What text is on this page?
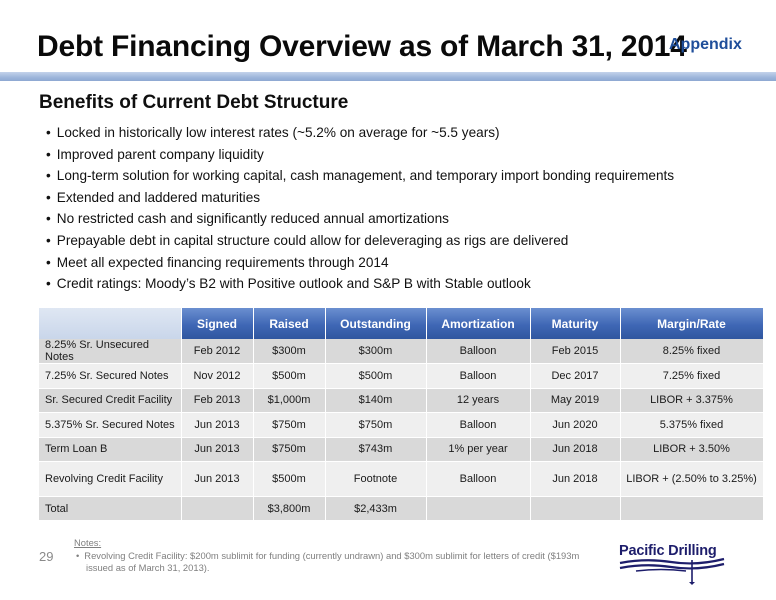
Debt Financing Overview as of March 31, 2014
Appendix
Benefits of Current Debt Structure
• Locked in historically low interest rates (~5.2% on average for ~5.5 years)
• Improved parent company liquidity
• Long-term solution for working capital, cash management, and temporary import bonding requirements
• Extended and laddered maturities
• No restricted cash and significantly reduced annual amortizations
• Prepayable debt in capital structure could allow for deleveraging as rigs are delivered
• Meet all expected financing requirements through 2014
• Credit ratings: Moody’s B2 with Positive outlook and S&P B with Stable outlook
	Signed	Raised	Outstanding	Amortization	Maturity	Margin/Rate
8.25% Sr. Unsecured Notes	Feb 2012	$300m	$300m	Balloon	Feb 2015	8.25% fixed
7.25% Sr. Secured Notes	Nov 2012	$500m	$500m	Balloon	Dec 2017	7.25% fixed
Sr. Secured Credit Facility	Feb 2013	$1,000m	$140m	12 years	May 2019	LIBOR + 3.375%
5.375% Sr. Secured Notes	Jun 2013	$750m	$750m	Balloon	Jun 2020	5.375% fixed
Term Loan B	Jun 2013	$750m	$743m	1% per year	Jun 2018	LIBOR + 3.50%
Revolving Credit Facility	Jun 2013	$500m	Footnote	Balloon	Jun 2018	LIBOR + (2.50% to 3.25%)

Total		$3,800m	$2,433m			
29
Notes:
• Revolving Credit Facility: $200m sublimit for funding (currently undrawn) and $300m sublimit for letters of credit ($193m issued as of March 31, 2013).
Pacific Drilling
